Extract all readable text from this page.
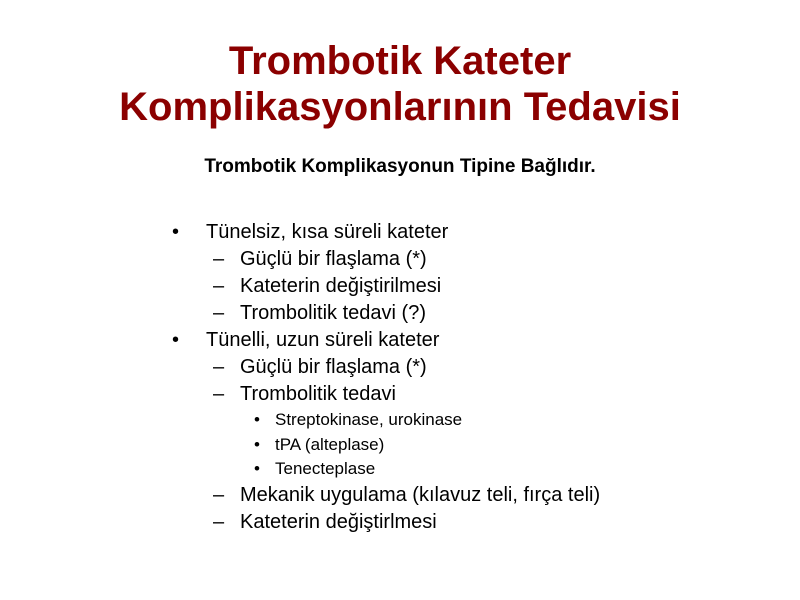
Trombotik Kateter
Komplikasyonlarının Tedavisi
Trombotik Komplikasyonun Tipine Bağlıdır.
• Tünelsiz, kısa süreli kateter
– Güçlü bir flaşlama (*)
– Kateterin değiştirilmesi
– Trombolitik tedavi (?)
• Tünelli, uzun süreli kateter
– Güçlü bir flaşlama (*)
– Trombolitik tedavi
• Streptokinase, urokinase
• tPA (alteplase)
• Tenecteplase
– Mekanik uygulama (kılavuz teli, fırça teli)
– Kateterin değiştirlmesi
